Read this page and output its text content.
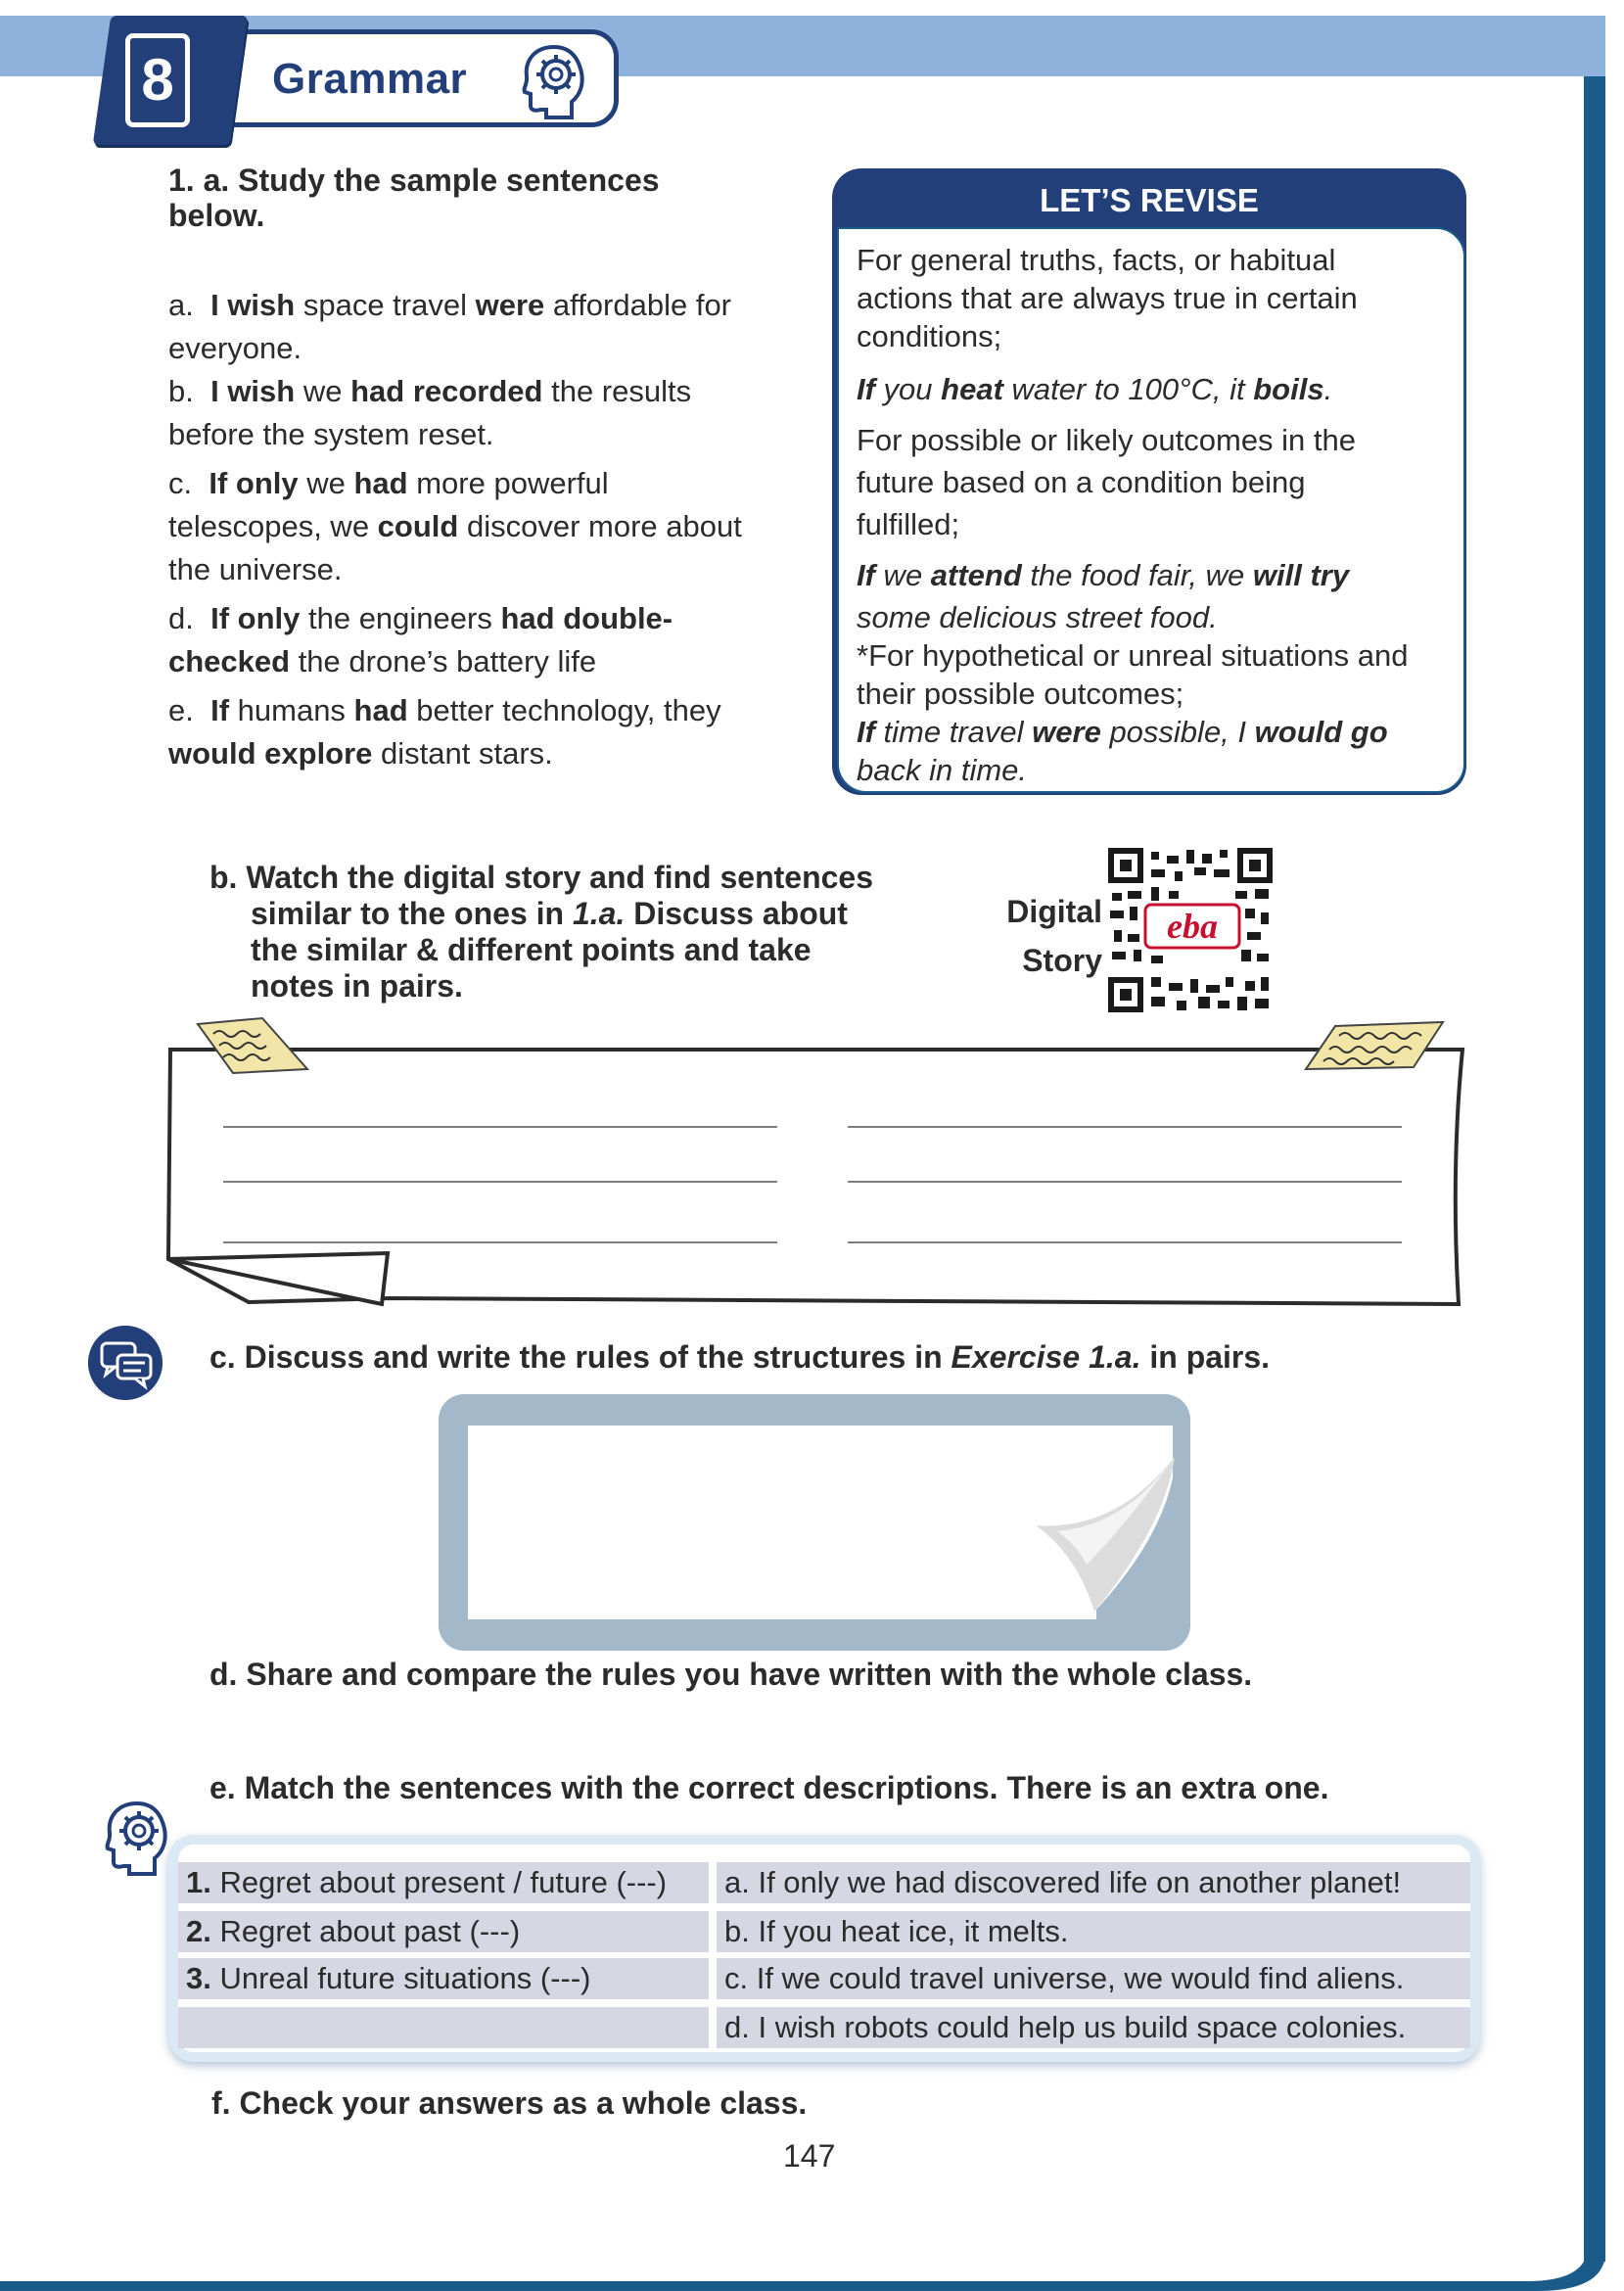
Grammar
8
1. a. Study the sample sentences
below.
a. I wish space travel were affordable for
everyone.
b. I wish we had recorded the results
before the system reset.
c. If only we had more powerful
telescopes, we could discover more about
the universe.
d. If only the engineers had double-
checked the drone’s battery life
e. If humans had better technology, they
would explore distant stars.
LET’S REVISE
For general truths, facts, or habitual
actions that are always true in certain
conditions;
If you heat water to 100°C, it boils.
For possible or likely outcomes in the
future based on a condition being
fulfilled;
If we attend the food fair, we will try
some delicious street food.
*For hypothetical or unreal situations and
their possible outcomes;
If time travel were possible, I would go
back in time.
b. Watch the digital story and find sentences
similar to the ones in 1.a. Discuss about
the similar & different points and take
notes in pairs.
Digital
Story
eba
c. Discuss and write the rules of the structures in Exercise 1.a. in pairs.
d. Share and compare the rules you have written with the whole class.
e. Match the sentences with the correct descriptions. There is an extra one.
1. Regret about present / future (---)
2. Regret about past (---)
3. Unreal future situations (---)
a. If only we had discovered life on another planet!
b. If you heat ice, it melts.
c. If we could travel universe, we would find aliens.
d. I wish robots could help us build space colonies.
f. Check your answers as a whole class.
147
